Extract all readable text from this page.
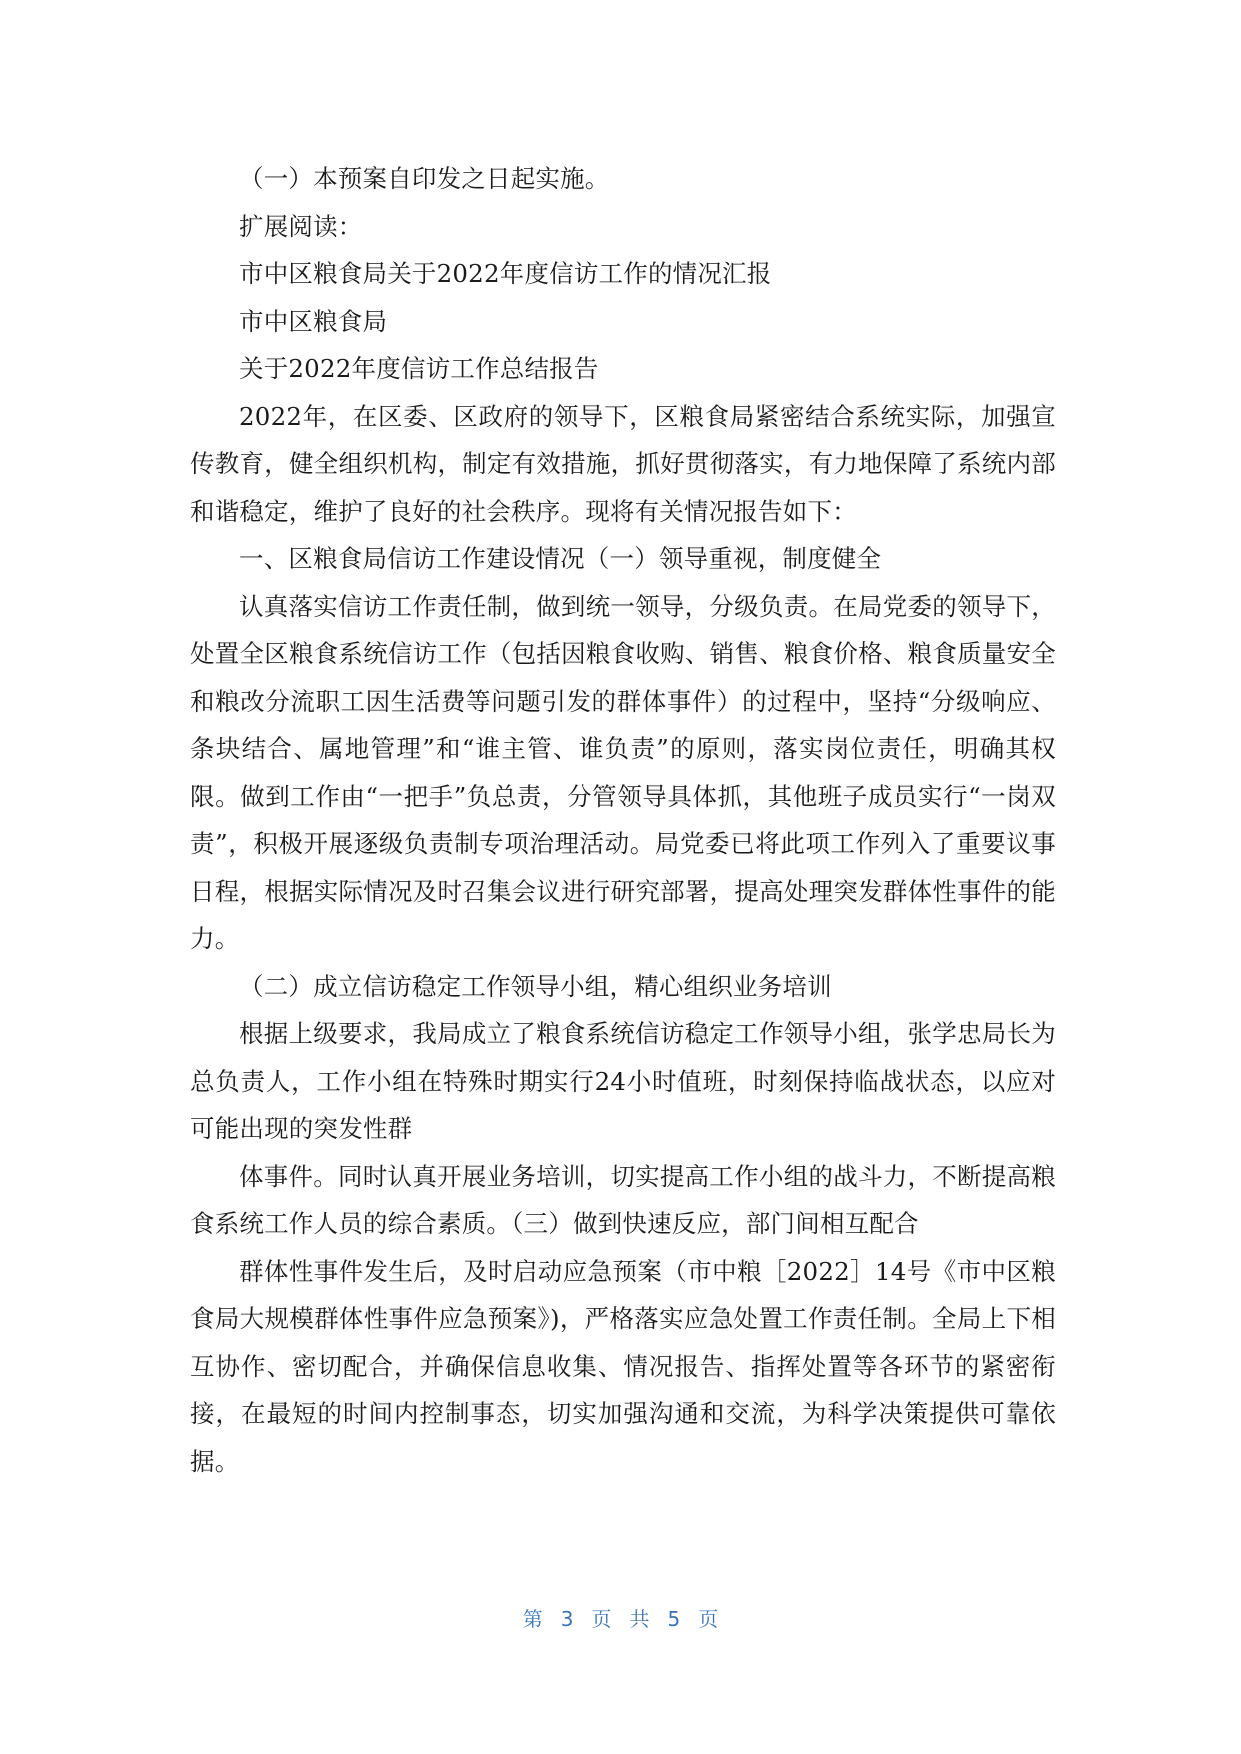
（一）本预案自印发之日起实施。

扩展阅读：

市中区粮食局关于2022年度信访工作的情况汇报

市中区粮食局

关于2022年度信访工作总结报告

2022年，在区委、区政府的领导下，区粮食局紧密结合系统实际，加强宣传教育，健全组织机构，制定有效措施，抓好贯彻落实，有力地保障了系统内部和谐稳定，维护了良好的社会秩序。现将有关情况报告如下：

一、区粮食局信访工作建设情况（一）领导重视，制度健全

认真落实信访工作责任制，做到统一领导，分级负责。在局党委的领导下，处置全区粮食系统信访工作（包括因粮食收购、销售、粮食价格、粮食质量安全和粮改分流职工因生活费等问题引发的群体事件）的过程中，坚持“分级响应、条块结合、属地管理”和“谁主管、谁负责”的原则，落实岗位责任，明确其权限。做到工作由“一把手”负总责，分管领导具体抓，其他班子成员实行“一岗双责”，积极开展逐级负责制专项治理活动。局党委已将此项工作列入了重要议事日程，根据实际情况及时召集会议进行研究部署，提高处理突发群体性事件的能力。

（二）成立信访稳定工作领导小组，精心组织业务培训

根据上级要求，我局成立了粮食系统信访稳定工作领导小组，张学忠局长为总负责人，工作小组在特殊时期实行24小时值班，时刻保持临战状态，以应对可能出现的突发性群

体事件。同时认真开展业务培训，切实提高工作小组的战斗力，不断提高粮食系统工作人员的综合素质。（三）做到快速反应，部门间相互配合

群体性事件发生后，及时启动应急预案（市中粮［2022］14号《市中区粮食局大规模群体性事件应急预案》)，严格落实应急处置工作责任制。全局上下相互协作、密切配合，并确保信息收集、情况报告、指挥处置等各环节的紧密衔接，在最短的时间内控制事态，切实加强沟通和交流，为科学决策提供可靠依据。

第 3 页 共 5 页
